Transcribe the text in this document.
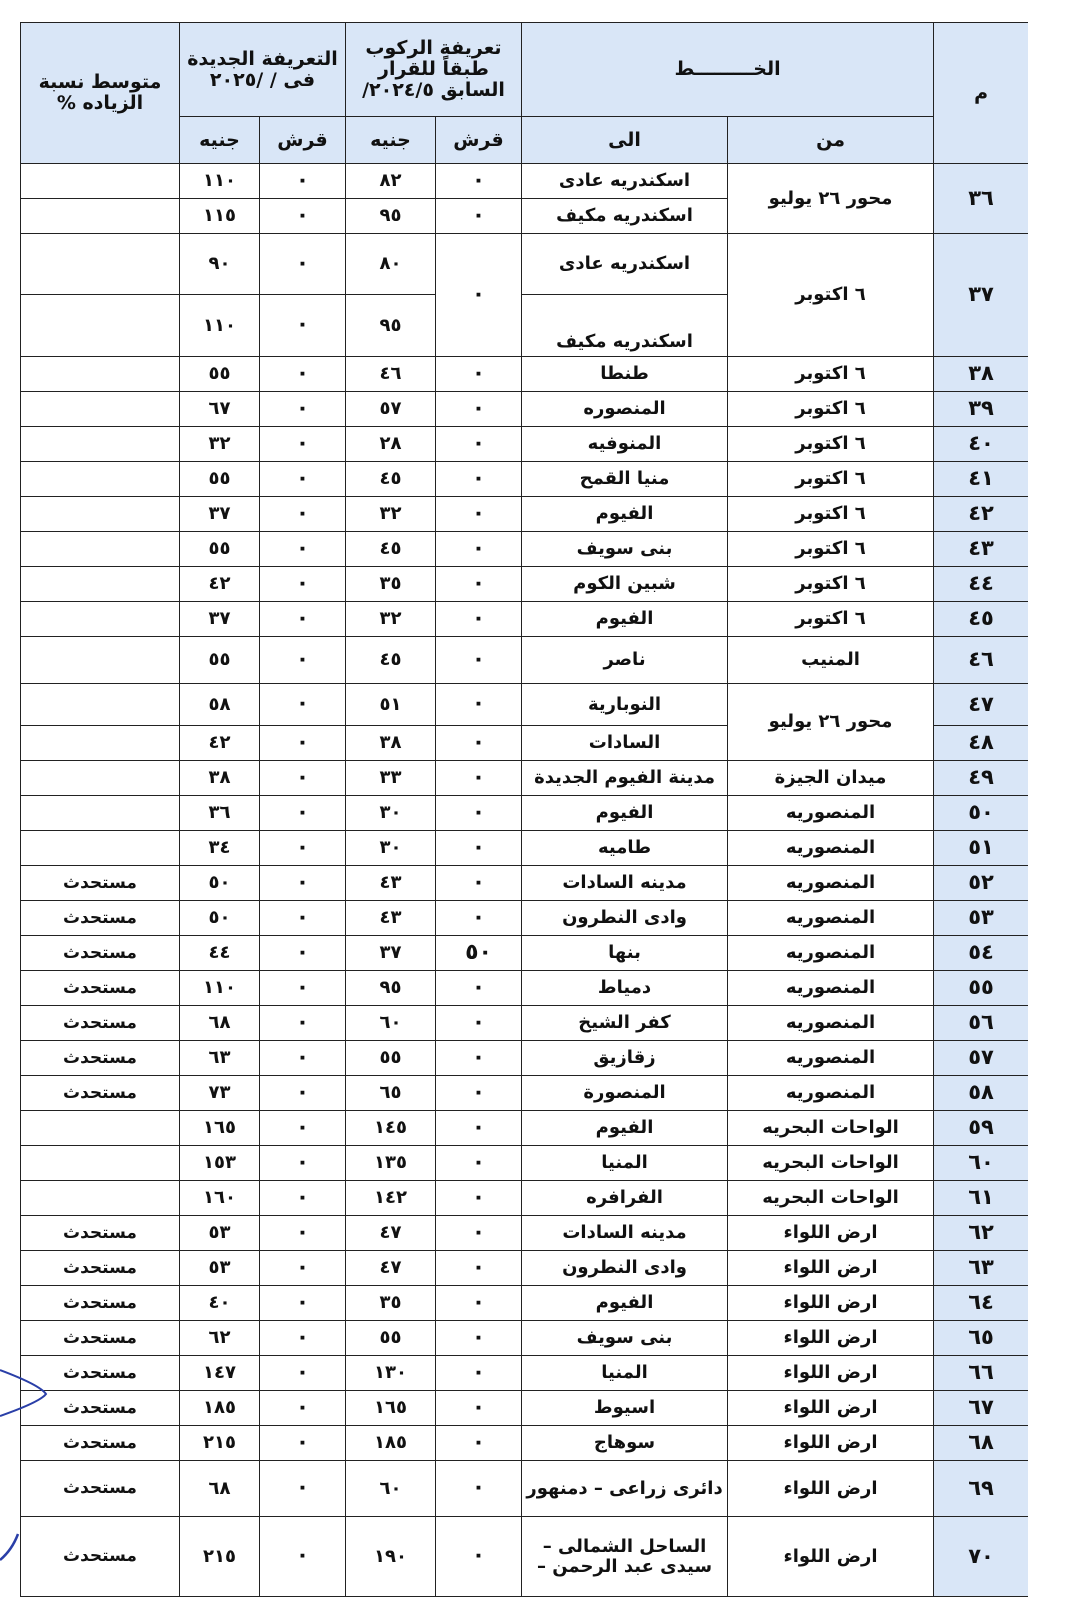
م	الخـــــــــط		تعريفة الركوب طبقاً للقرار السابق ٢٠٢٤/٥/		التعريفة الجديدة فى / /٢٠٢٥		متوسط نسبة الزياده %
	من	الى	قرش	جنيه	قرش	جنيه	
٣٦	محور ٢٦ يوليو	اسكندريه عادى	٠	٨٢	٠	١١٠	
		اسكندريه مكيف	٠	٩٥	٠	١١٥	
٣٧	٦ اكتوبر	اسكندريه عادى	٠	٨٠	٠	٩٠	
		اسكندريه مكيف		٩٥	٠	١١٠	
٣٨	٦ اكتوبر	طنطا	٠	٤٦	٠	٥٥	
٣٩	٦ اكتوبر	المنصوره	٠	٥٧	٠	٦٧	
٤٠	٦ اكتوبر	المنوفيه	٠	٢٨	٠	٣٢	
٤١	٦ اكتوبر	منيا القمح	٠	٤٥	٠	٥٥	
٤٢	٦ اكتوبر	الفيوم	٠	٣٢	٠	٣٧	
٤٣	٦ اكتوبر	بنى سويف	٠	٤٥	٠	٥٥	
٤٤	٦ اكتوبر	شبين الكوم	٠	٣٥	٠	٤٢	
٤٥	٦ اكتوبر	الفيوم	٠	٣٢	٠	٣٧	
٤٦	المنيب	ناصر	٠	٤٥	٠	٥٥	
٤٧	محور ٢٦ يوليو	النوبارية	٠	٥١	٠	٥٨	
٤٨		السادات	٠	٣٨	٠	٤٢	
٤٩	ميدان الجيزة	مدينة الفيوم الجديدة	٠	٣٣	٠	٣٨	
٥٠	المنصوريه	الفيوم	٠	٣٠	٠	٣٦	
٥١	المنصوريه	طاميه	٠	٣٠	٠	٣٤	
٥٢	المنصوريه	مدينه السادات	٠	٤٣	٠	٥٠	مستحدث
٥٣	المنصوريه	وادى النطرون	٠	٤٣	٠	٥٠	مستحدث
٥٤	المنصوريه	بنها	٥٠	٣٧	٠	٤٤	مستحدث
٥٥	المنصوريه	دمياط	٠	٩٥	٠	١١٠	مستحدث
٥٦	المنصوريه	كفر الشيخ	٠	٦٠	٠	٦٨	مستحدث
٥٧	المنصوريه	زقازيق	٠	٥٥	٠	٦٣	مستحدث
٥٨	المنصوريه	المنصورة	٠	٦٥	٠	٧٣	مستحدث
٥٩	الواحات البحريه	الفيوم	٠	١٤٥	٠	١٦٥	
٦٠	الواحات البحريه	المنيا	٠	١٣٥	٠	١٥٣	
٦١	الواحات البحريه	الفرافره	٠	١٤٢	٠	١٦٠	
٦٢	ارض اللواء	مدينه السادات	٠	٤٧	٠	٥٣	مستحدث
٦٣	ارض اللواء	وادى النطرون	٠	٤٧	٠	٥٣	مستحدث
٦٤	ارض اللواء	الفيوم	٠	٣٥	٠	٤٠	مستحدث
٦٥	ارض اللواء	بنى سويف	٠	٥٥	٠	٦٢	مستحدث
٦٦	ارض اللواء	المنيا	٠	١٣٠	٠	١٤٧	مستحدث
٦٧	ارض اللواء	اسيوط	٠	١٦٥	٠	١٨٥	مستحدث
٦٨	ارض اللواء	سوهاج	٠	١٨٥	٠	٢١٥	مستحدث
٦٩	ارض اللواء	دائرى زراعى – دمنهور	٠	٦٠	٠	٦٨	مستحدث
٧٠	ارض اللواء	الساحل الشمالى – سيدى عبد الرحمن –	٠	١٩٠	٠	٢١٥	مستحدث
